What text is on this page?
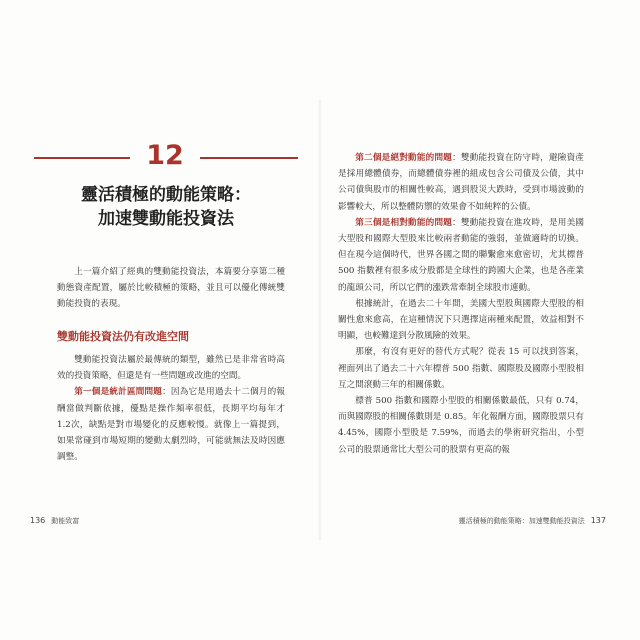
12
靈活積極的動能策略：
加速雙動能投資法

上一篇介紹了經典的雙動能投資法，本篇要分享第二種動態資產配置，屬於比較積極的策略，並且可以優化傳統雙動能投資的表現。

雙動能投資法仍有改進空間

雙動能投資法屬於最傳統的類型，雖然已是非常省時高效的投資策略，但還是有一些問題或改進的空間。

第一個是統計區間問題：因為它是用過去十二個月的報酬當做判斷依據，優點是操作頻率很低，長期平均每年才1.2次，缺點是對市場變化的反應較慢。就像上一篇提到，如果常碰到市場短期的變動太劇烈時，可能就無法及時因應調整。

第二個是絕對動能的問題：雙動能投資在防守時，避險資產是採用總體債券，而總體債券裡的組成包含公司債及公債，其中公司債與股市的相關性較高，遇到股災大跌時，受到市場波動的影響較大，所以整體防禦的效果會不如純粹的公債。

第三個是相對動能的問題：雙動能投資在進攻時，是用美國大型股和國際大型股來比較兩者動能的強弱，並做適時的切換。但在現今這個時代，世界各國之間的聯繫愈來愈密切，尤其標普 500 指數裡有很多成分股都是全球性的跨國大企業，也是各產業的龍頭公司，所以它們的漲跌常牽制全球股市連動。

根據統計，在過去二十年間，美國大型股與國際大型股的相關性愈來愈高，在這種情況下只選擇這兩種來配置，效益相對不明顯，也較難達到分散風險的效果。

那麼，有沒有更好的替代方式呢？從表 15 可以找到答案，裡面列出了過去二十六年標普 500 指數、國際股及國際小型股相互之間滾動三年的相關係數。

標普 500 指數和國際小型股的相關係數最低，只有 0.74，而與國際股的相關係數則是 0.85。年化報酬方面，國際股票只有 4.45%，國際小型股是 7.59%，而過去的學術研究指出，小型公司的股票通常比大型公司的股票有更高的報

136 動能致富	靈活積極的動能策略：加速雙動能投資法 137
